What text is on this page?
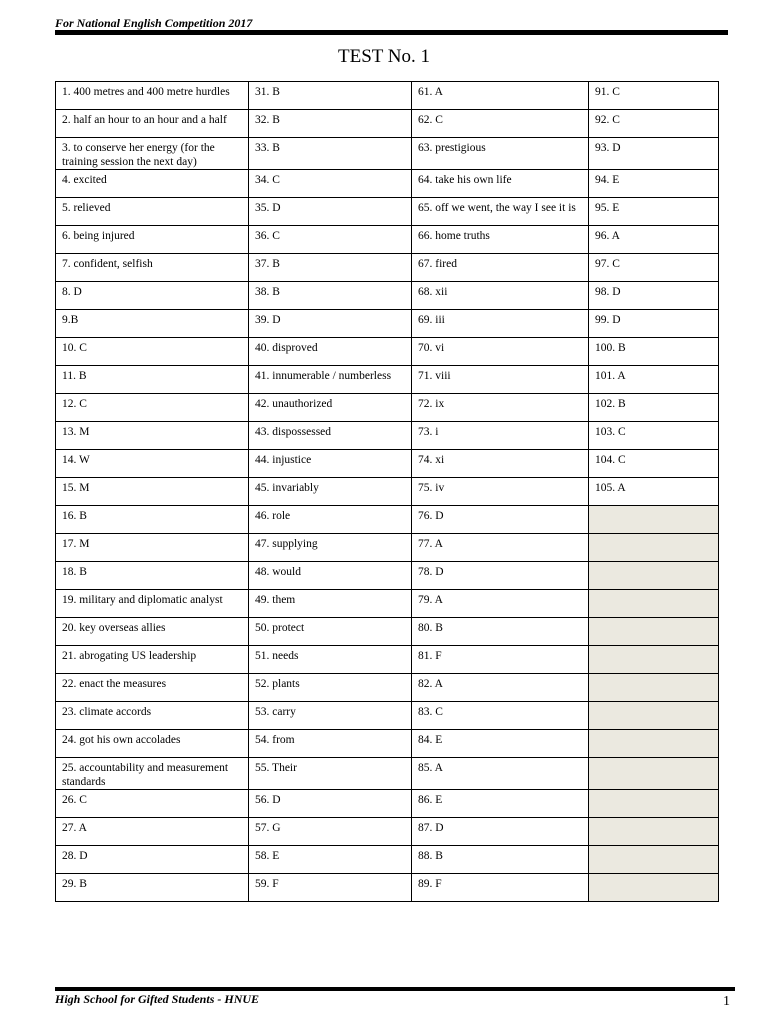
For National English Competition 2017
TEST No. 1
1. 400 metres and 400 metre hurdles	31. B	61. A	91. C
2. half an hour to an hour and a half	32. B	62. C	92. C
3. to conserve her energy (for the training session the next day)	33. B	63. prestigious	93. D
4. excited	34. C	64. take his own life	94. E
5. relieved	35. D	65. off we went, the way I see it is	95. E
6. being injured	36. C	66. home truths	96. A
7. confident, selfish	37. B	67. fired	97. C
8. D	38. B	68. xii	98. D
9.B	39. D	69. iii	99. D
10. C	40. disproved	70. vi	100. B
11. B	41. innumerable / numberless	71. viii	101. A
12. C	42. unauthorized	72. ix	102. B
13. M	43. dispossessed	73. i	103. C
14. W	44. injustice	74. xi	104. C
15. M	45. invariably	75. iv	105. A
16. B	46. role	76. D	
17. M	47. supplying	77. A	
18. B	48. would	78. D	
19. military and diplomatic analyst	49. them	79. A	
20. key overseas allies	50. protect	80. B	
21. abrogating US leadership	51. needs	81. F	
22. enact the measures	52. plants	82. A	
23. climate accords	53. carry	83. C	
24. got his own accolades	54. from	84. E	
25. accountability and measurement standards	55. Their	85. A	
26. C	56. D	86. E	
27. A	57. G	87. D	
28. D	58. E	88. B	
29. B	59. F	89. F	
High School for Gifted Students - HNUE	1
